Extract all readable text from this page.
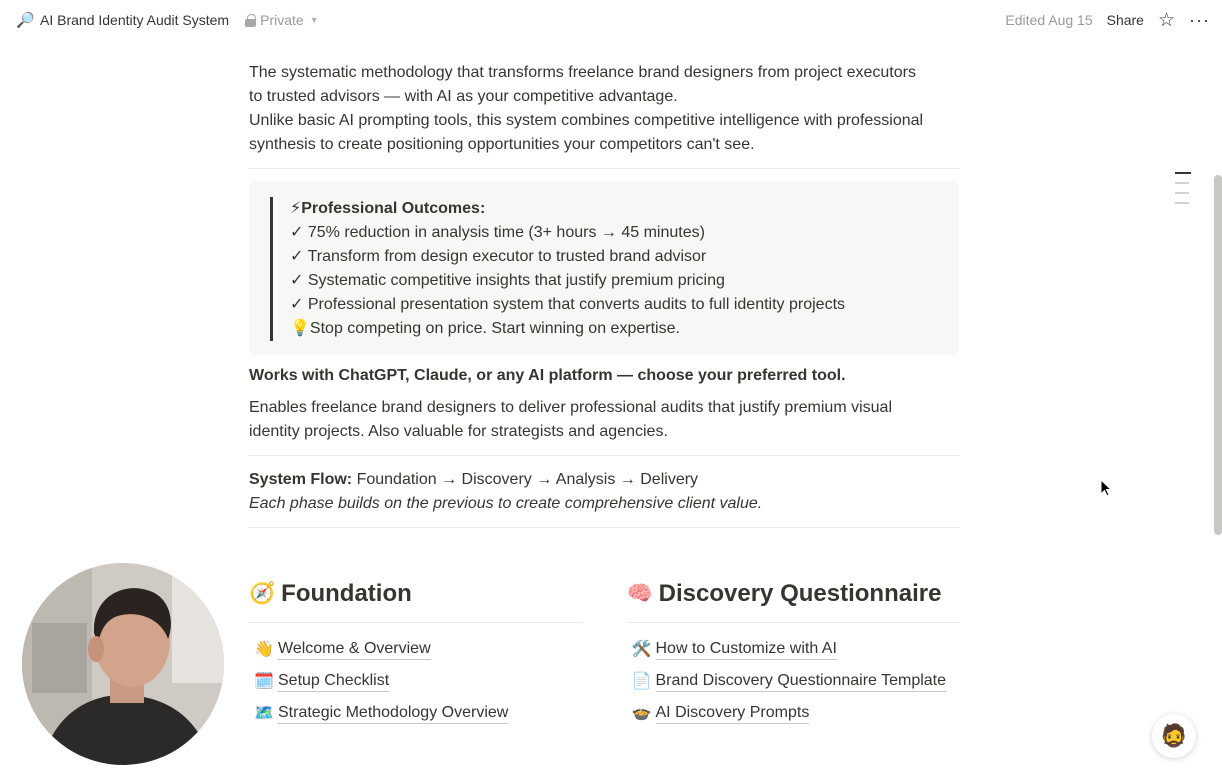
🔎 AI Brand Identity Audit System Private ▼	Edited Aug 15 Share ☆ ···
The systematic methodology that transforms freelance brand designers from project executors
to trusted advisors — with AI as your competitive advantage.
Unlike basic AI prompting tools, this system combines competitive intelligence with professional
synthesis to create positioning opportunities your competitors can't see.
⚡Professional Outcomes:
✓ 75% reduction in analysis time (3+ hours → 45 minutes)
✓ Transform from design executor to trusted brand advisor
✓ Systematic competitive insights that justify premium pricing
✓ Professional presentation system that converts audits to full identity projects
💡Stop competing on price. Start winning on expertise.
Works with ChatGPT, Claude, or any AI platform — choose your preferred tool.
Enables freelance brand designers to deliver professional audits that justify premium visual
identity projects. Also valuable for strategists and agencies.
System Flow: Foundation → Discovery → Analysis → Delivery
Each phase builds on the previous to create comprehensive client value.
🧭 Foundation
👋 Welcome & Overview
🗓️ Setup Checklist
🗺️ Strategic Methodology Overview
🧠 Discovery Questionnaire
🛠️ How to Customize with AI
📄 Brand Discovery Questionnaire Template
🍲 AI Discovery Prompts
🧔
